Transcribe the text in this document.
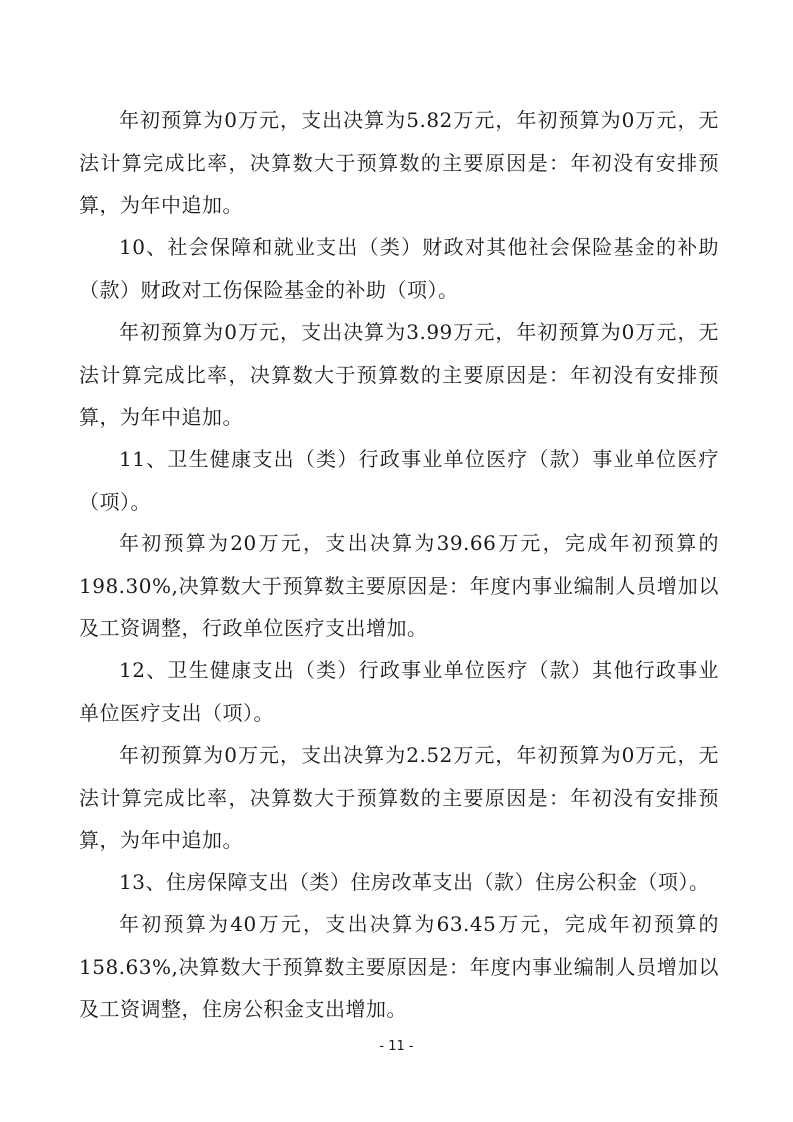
年初预算为0万元，支出决算为5.82万元，年初预算为0万元，无法计算完成比率，决算数大于预算数的主要原因是：年初没有安排预算，为年中追加。

10、社会保障和就业支出（类）财政对其他社会保险基金的补助（款）财政对工伤保险基金的补助（项）。

年初预算为0万元，支出决算为3.99万元，年初预算为0万元，无法计算完成比率，决算数大于预算数的主要原因是：年初没有安排预算，为年中追加。

11、卫生健康支出（类）行政事业单位医疗（款）事业单位医疗（项）。

年初预算为20万元，支出决算为39.66万元，完成年初预算的198.30%,决算数大于预算数主要原因是：年度内事业编制人员增加以及工资调整，行政单位医疗支出增加。

12、卫生健康支出（类）行政事业单位医疗（款）其他行政事业单位医疗支出（项）。

年初预算为0万元，支出决算为2.52万元，年初预算为0万元，无法计算完成比率，决算数大于预算数的主要原因是：年初没有安排预算，为年中追加。

13、住房保障支出（类）住房改革支出（款）住房公积金（项）。

年初预算为40万元，支出决算为63.45万元，完成年初预算的158.63%,决算数大于预算数主要原因是：年度内事业编制人员增加以及工资调整，住房公积金支出增加。

- 11 -
